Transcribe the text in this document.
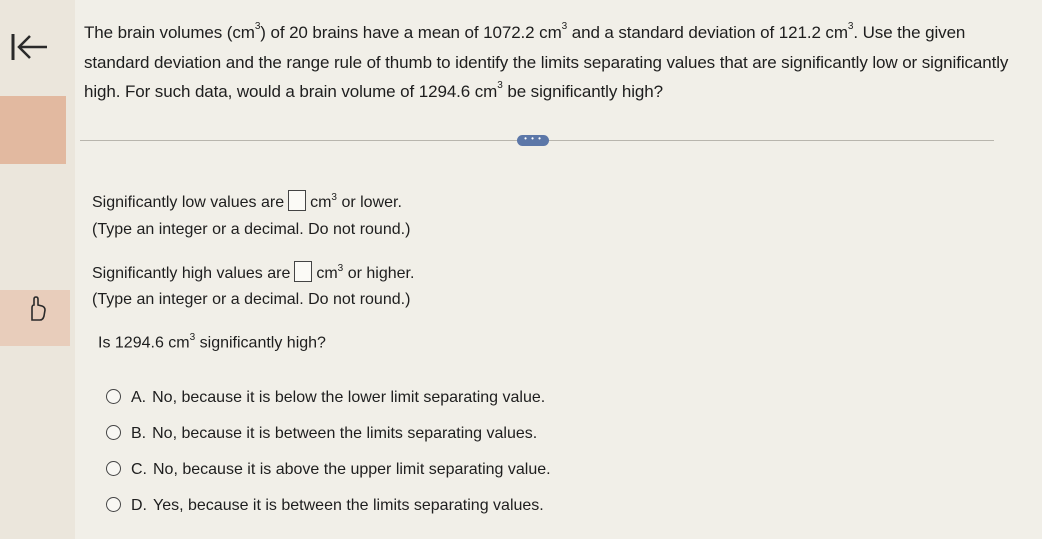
The brain volumes $(cm^3)$ of 20 brains have a mean of 1072.2 $cm^3$ and a standard deviation of 121.2 $cm^3$. Use the given standard deviation and the range rule of thumb to identify the limits separating values that are significantly low or significantly high. For such data, would a brain volume of 1294.6 $cm^3$ be significantly high?
• • •
Significantly low values are $cm^3$ or lower.
(Type an integer or a decimal. Do not round.)
Significantly high values are $cm^3$ or higher.
(Type an integer or a decimal. Do not round.)
Is 1294.6 $cm^3$ significantly high?
A. No, because it is below the lower limit separating value.
B. No, because it is between the limits separating values.
C. No, because it is above the upper limit separating value.
D. Yes, because it is between the limits separating values.
